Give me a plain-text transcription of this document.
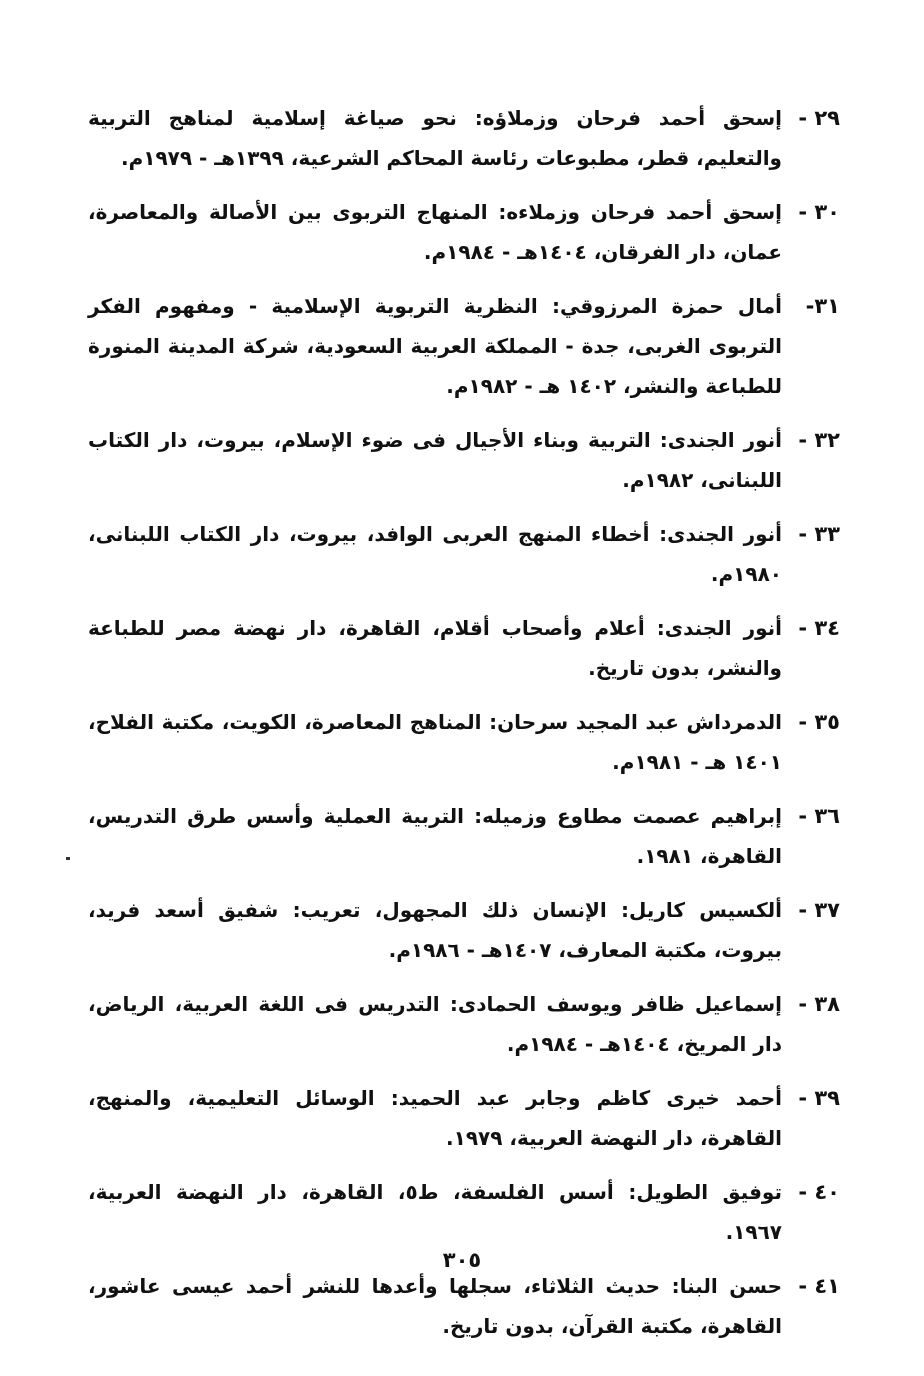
٢٩ -
إسحق أحمد فرحان وزملاؤه: نحو صياغة إسلامية لمناهج التربية والتعليم، قطر، مطبوعات رئاسة المحاكم الشرعية، ١٣٩٩هـ - ١٩٧٩م.
٣٠ -
إسحق أحمد فرحان وزملاءه: المنهاج التربوى بين الأصالة والمعاصرة، عمان، دار الفرقان، ١٤٠٤هـ - ١٩٨٤م.
٣١-
أمال حمزة المرزوقي: النظرية التربوية الإسلامية - ومفهوم الفكر التربوى الغربى، جدة - المملكة العربية السعودية، شركة المدينة المنورة للطباعة والنشر، ١٤٠٢ هـ - ١٩٨٢م.
٣٢ -
أنور الجندى: التربية وبناء الأجيال فى ضوء الإسلام، بيروت، دار الكتاب اللبنانى، ١٩٨٢م.
٣٣ -
أنور الجندى: أخطاء المنهج العربى الوافد، بيروت، دار الكتاب اللبنانى، ١٩٨٠م.
٣٤ -
أنور الجندى: أعلام وأصحاب أقلام، القاهرة، دار نهضة مصر للطباعة والنشر، بدون تاريخ.
٣٥ -
الدمرداش عبد المجيد سرحان: المناهج المعاصرة، الكويت، مكتبة الفلاح، ١٤٠١ هـ - ١٩٨١م.
٣٦ -
إبراهيم عصمت مطاوع وزميله: التربية العملية وأسس طرق التدريس، القاهرة، ١٩٨١.
٣٧ -
ألكسيس كاريل: الإنسان ذلك المجهول، تعريب: شفيق أسعد فريد، بيروت، مكتبة المعارف، ١٤٠٧هـ - ١٩٨٦م.
٣٨ -
إسماعيل ظافر ويوسف الحمادى: التدريس فى اللغة العربية، الرياض، دار المريخ، ١٤٠٤هـ - ١٩٨٤م.
٣٩ -
أحمد خيرى كاظم وجابر عبد الحميد: الوسائل التعليمية، والمنهج، القاهرة، دار النهضة العربية، ١٩٧٩.
٤٠ -
توفيق الطويل: أسس الفلسفة، ط٥، القاهرة، دار النهضة العربية، ١٩٦٧.
٤١ -
حسن البنا: حديث الثلاثاء، سجلها وأعدها للنشر أحمد عيسى عاشور، القاهرة، مكتبة القرآن، بدون تاريخ.
٣٠٥
